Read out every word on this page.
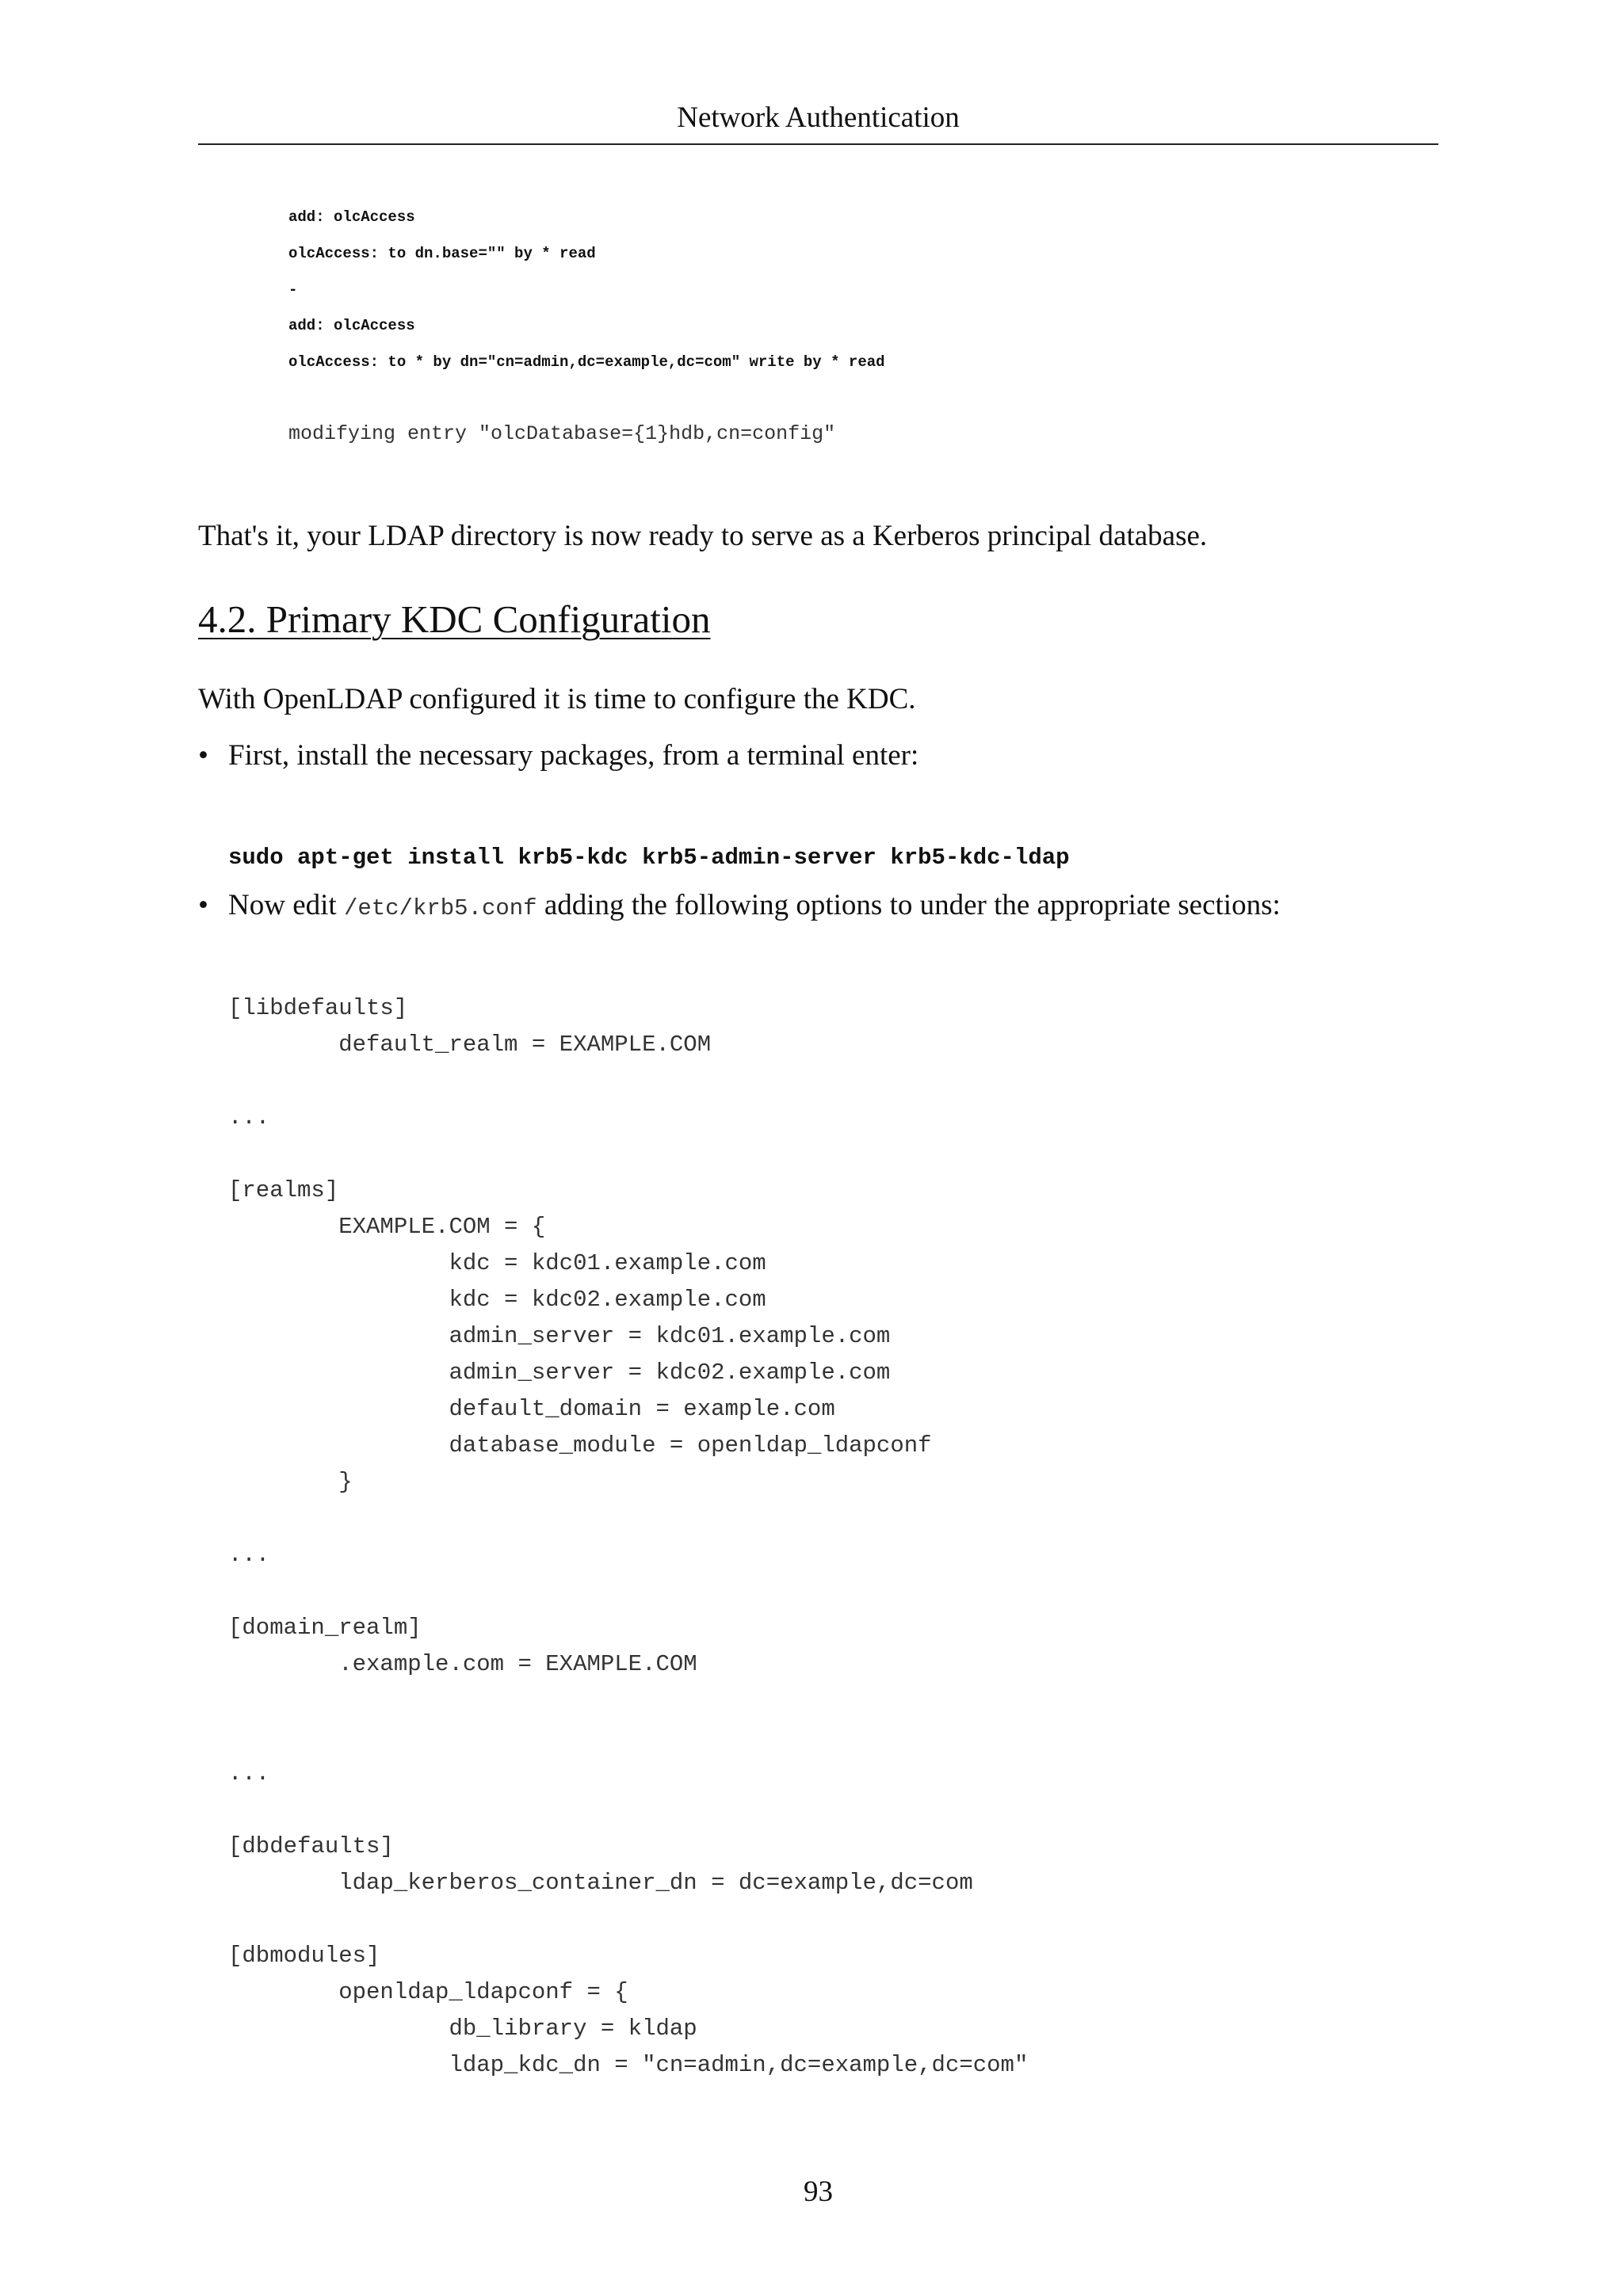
Network Authentication
add: olcAccess
olcAccess: to dn.base="" by * read
-
add: olcAccess
olcAccess: to * by dn="cn=admin,dc=example,dc=com" write by * read
modifying entry "olcDatabase={1}hdb,cn=config"

That's it, your LDAP directory is now ready to serve as a Kerberos principal database.

4.2. Primary KDC Configuration

With OpenLDAP configured it is time to configure the KDC.

• First, install the necessary packages, from a terminal enter:
sudo apt-get install krb5-kdc krb5-admin-server krb5-kdc-ldap
• Now edit /etc/krb5.conf adding the following options to under the appropriate sections:
[libdefaults]
default_realm = EXAMPLE.COM
...
[realms]
EXAMPLE.COM = {
kdc = kdc01.example.com
kdc = kdc02.example.com
admin_server = kdc01.example.com
admin_server = kdc02.example.com
default_domain = example.com
database_module = openldap_ldapconf
}
...
[domain_realm]
.example.com = EXAMPLE.COM
...
[dbdefaults]
ldap_kerberos_container_dn = dc=example,dc=com
[dbmodules]
openldap_ldapconf = {
db_library = kldap
ldap_kdc_dn = "cn=admin,dc=example,dc=com"
93
